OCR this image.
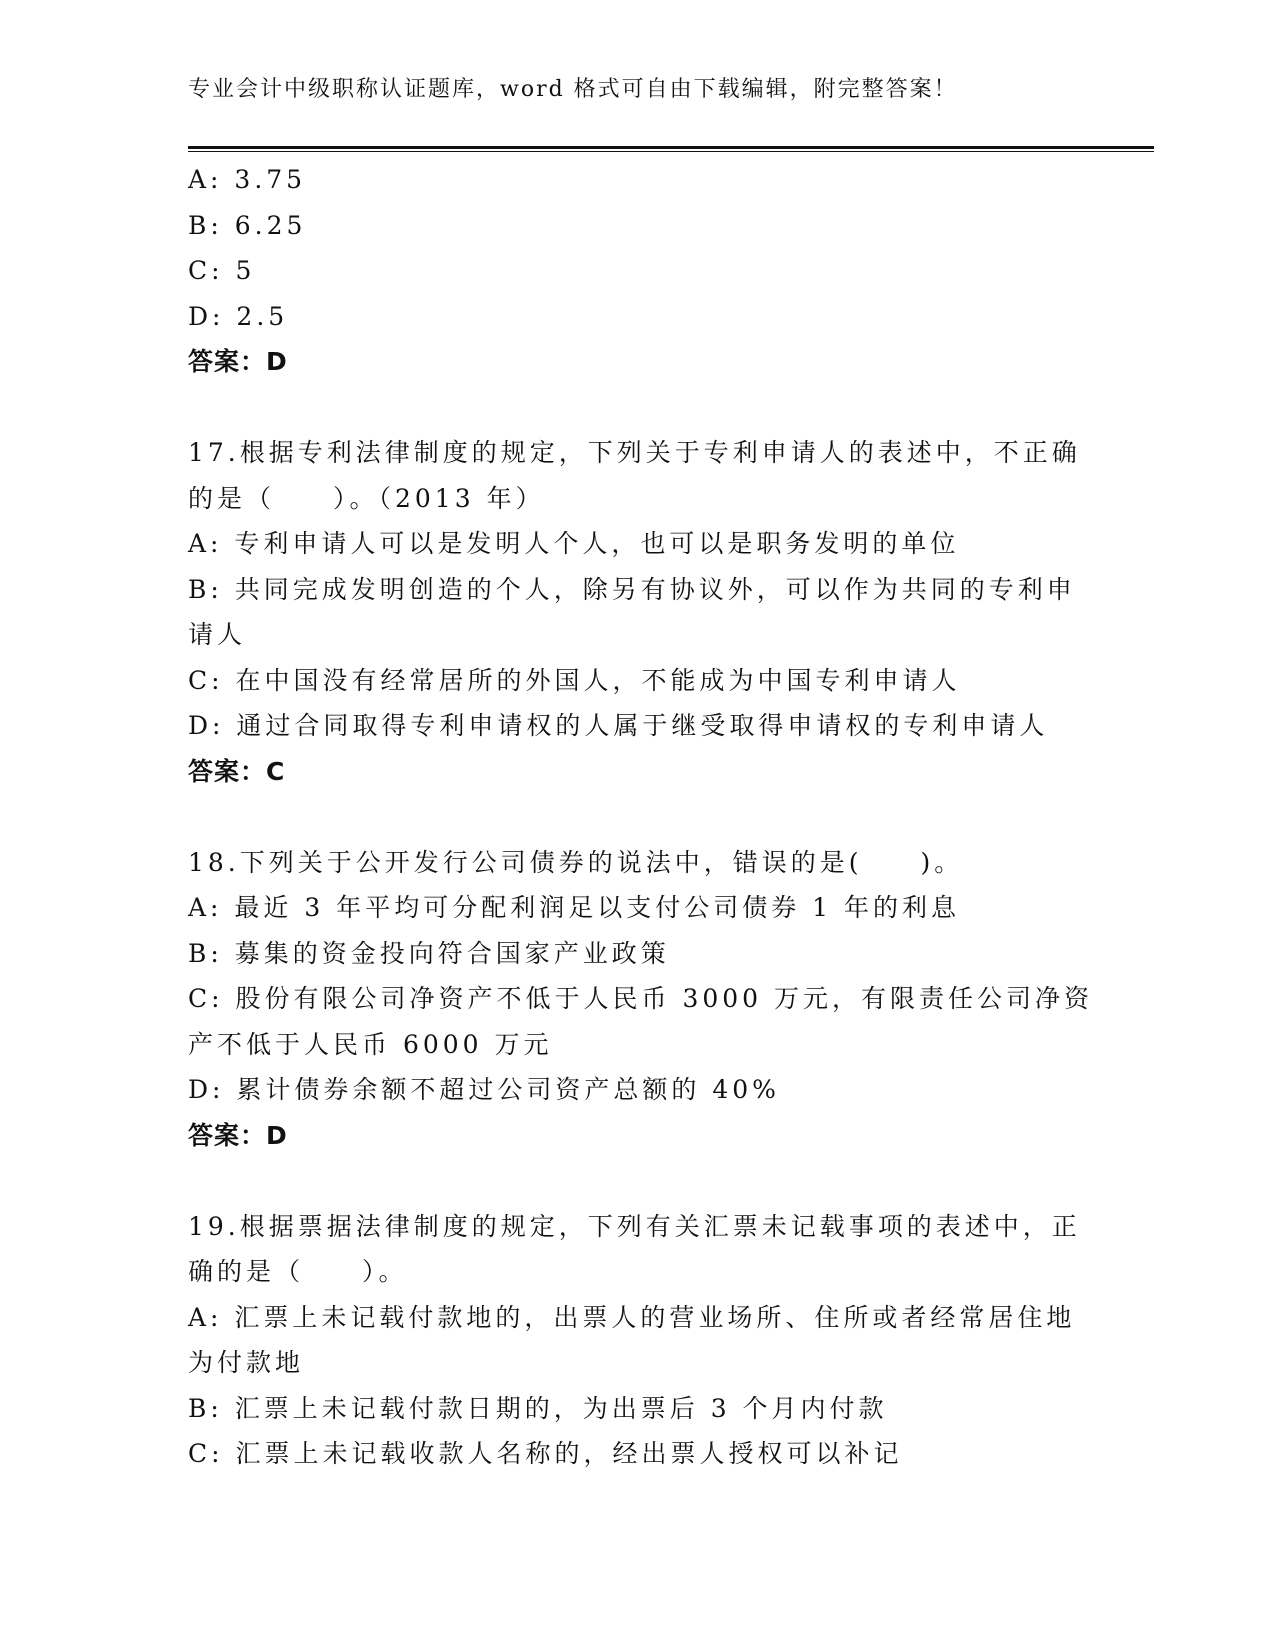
专业会计中级职称认证题库，word 格式可自由下载编辑，附完整答案！
A: 3.75
B: 6.25
C: 5
D: 2.5
答案：D
17.根据专利法律制度的规定，下列关于专利申请人的表述中，不正确
的是（　　）。（2013 年）
A: 专利申请人可以是发明人个人，也可以是职务发明的单位
B: 共同完成发明创造的个人，除另有协议外，可以作为共同的专利申
请人
C: 在中国没有经常居所的外国人，不能成为中国专利申请人
D: 通过合同取得专利申请权的人属于继受取得申请权的专利申请人
答案：C
18.下列关于公开发行公司债券的说法中，错误的是(　　)。
A: 最近 3 年平均可分配利润足以支付公司债券 1 年的利息
B: 募集的资金投向符合国家产业政策
C: 股份有限公司净资产不低于人民币 3000 万元，有限责任公司净资
产不低于人民币 6000 万元
D: 累计债券余额不超过公司资产总额的 40%
答案：D
19.根据票据法律制度的规定，下列有关汇票未记载事项的表述中，正
确的是（　　）。
A: 汇票上未记载付款地的，出票人的营业场所、住所或者经常居住地
为付款地
B: 汇票上未记载付款日期的，为出票后 3 个月内付款
C: 汇票上未记载收款人名称的，经出票人授权可以补记
